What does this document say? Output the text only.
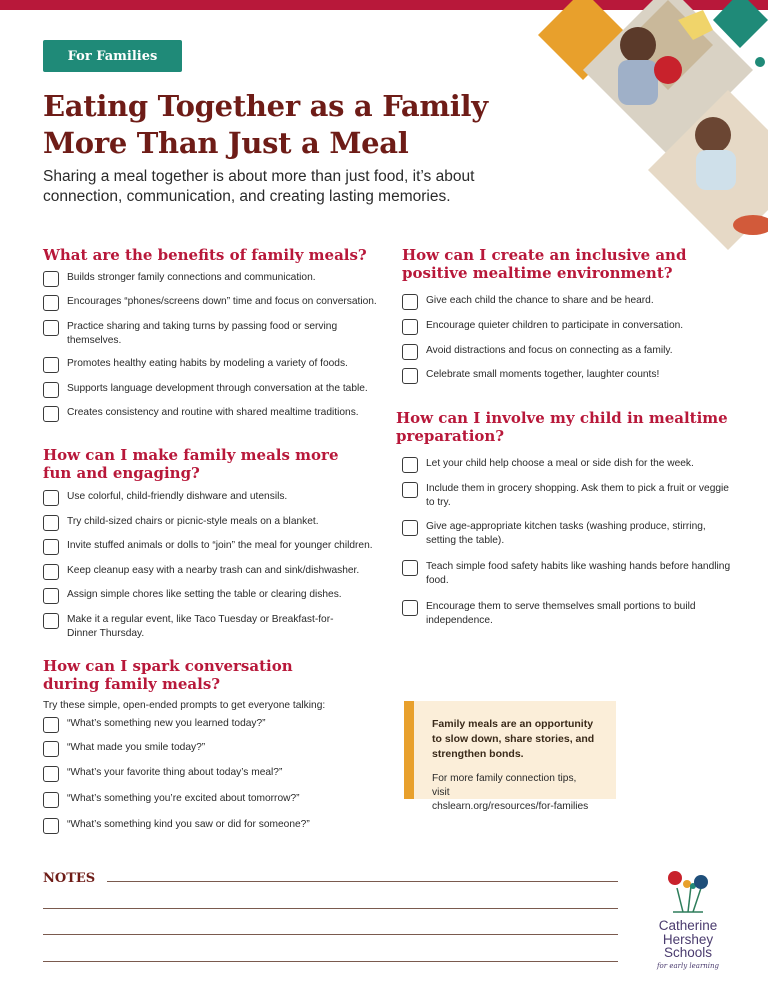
For Families
Eating Together as a Family
More Than Just a Meal
Sharing a meal together is about more than just food, it’s about connection, communication, and creating lasting memories.
What are the benefits of family meals?
Builds stronger family connections and communication.
Encourages “phones/screens down” time and focus on conversation.
Practice sharing and taking turns by passing food or serving themselves.
Promotes healthy eating habits by modeling a variety of foods.
Supports language development through conversation at the table.
Creates consistency and routine with shared mealtime traditions.
How can I make family meals more
fun and engaging?
Use colorful, child-friendly dishware and utensils.
Try child-sized chairs or picnic-style meals on a blanket.
Invite stuffed animals or dolls to “join” the meal for younger children.
Keep cleanup easy with a nearby trash can and sink/dishwasher.
Assign simple chores like setting the table or clearing dishes.
Make it a regular event, like Taco Tuesday or Breakfast-for-Dinner Thursday.
How can I spark conversation
during family meals?
Try these simple, open-ended prompts to get everyone talking:
“What’s something new you learned today?”
“What made you smile today?”
“What’s your favorite thing about today’s meal?”
“What’s something you’re excited about tomorrow?”
“What’s something kind you saw or did for someone?”
How can I create an inclusive and
positive mealtime environment?
Give each child the chance to share and be heard.
Encourage quieter children to participate in conversation.
Avoid distractions and focus on connecting as a family.
Celebrate small moments together, laughter counts!
How can I involve my child in mealtime
preparation?
Let your child help choose a meal or side dish for the week.
Include them in grocery shopping. Ask them to pick a fruit or veggie to try.
Give age-appropriate kitchen tasks (washing produce, stirring, setting the table).
Teach simple food safety habits like washing hands before handling food.
Encourage them to serve themselves small portions to build independence.
Family meals are an opportunity to slow down, share stories, and strengthen bonds.
For more family connection tips, visit
chslearn.org/resources/for-families
NOTES
Catherine
Hershey
Schools
for early learning
